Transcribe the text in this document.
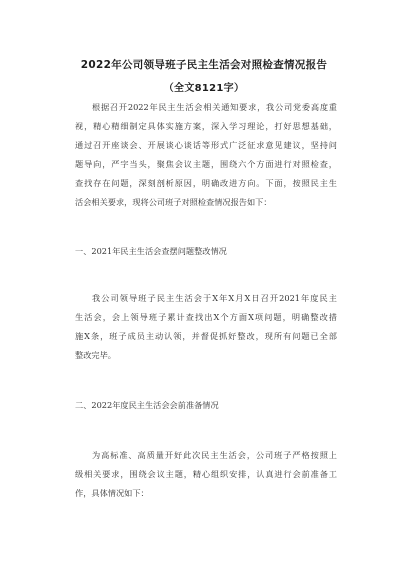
2022年公司领导班子民主生活会对照检查情况报告
（全文8121字）
根据召开2022年民主生活会相关通知要求，我公司党委高度重
视，精心精细制定具体实施方案，深入学习理论，打好思想基础，
通过召开座谈会、开展谈心谈话等形式广泛征求意见建议，坚持问
题导向，严字当头，聚焦会议主题，围绕六个方面进行对照检查，
查找存在问题，深刻剖析原因，明确改进方向。下面，按照民主生
活会相关要求，现将公司班子对照检查情况报告如下：

一、2021年民主生活会查摆问题整改情况

我公司领导班子民主生活会于X年X月X日召开2021年度民主
生活会，会上领导班子累计查找出X个方面X项问题，明确整改措
施X条，班子成员主动认领，并督促抓好整改，现所有问题已全部
整改完毕。

二、2022年度民主生活会会前准备情况

为高标准、高质量开好此次民主生活会，公司班子严格按照上
级相关要求，围绕会议主题，精心组织安排，认真进行会前准备工
作，具体情况如下：
